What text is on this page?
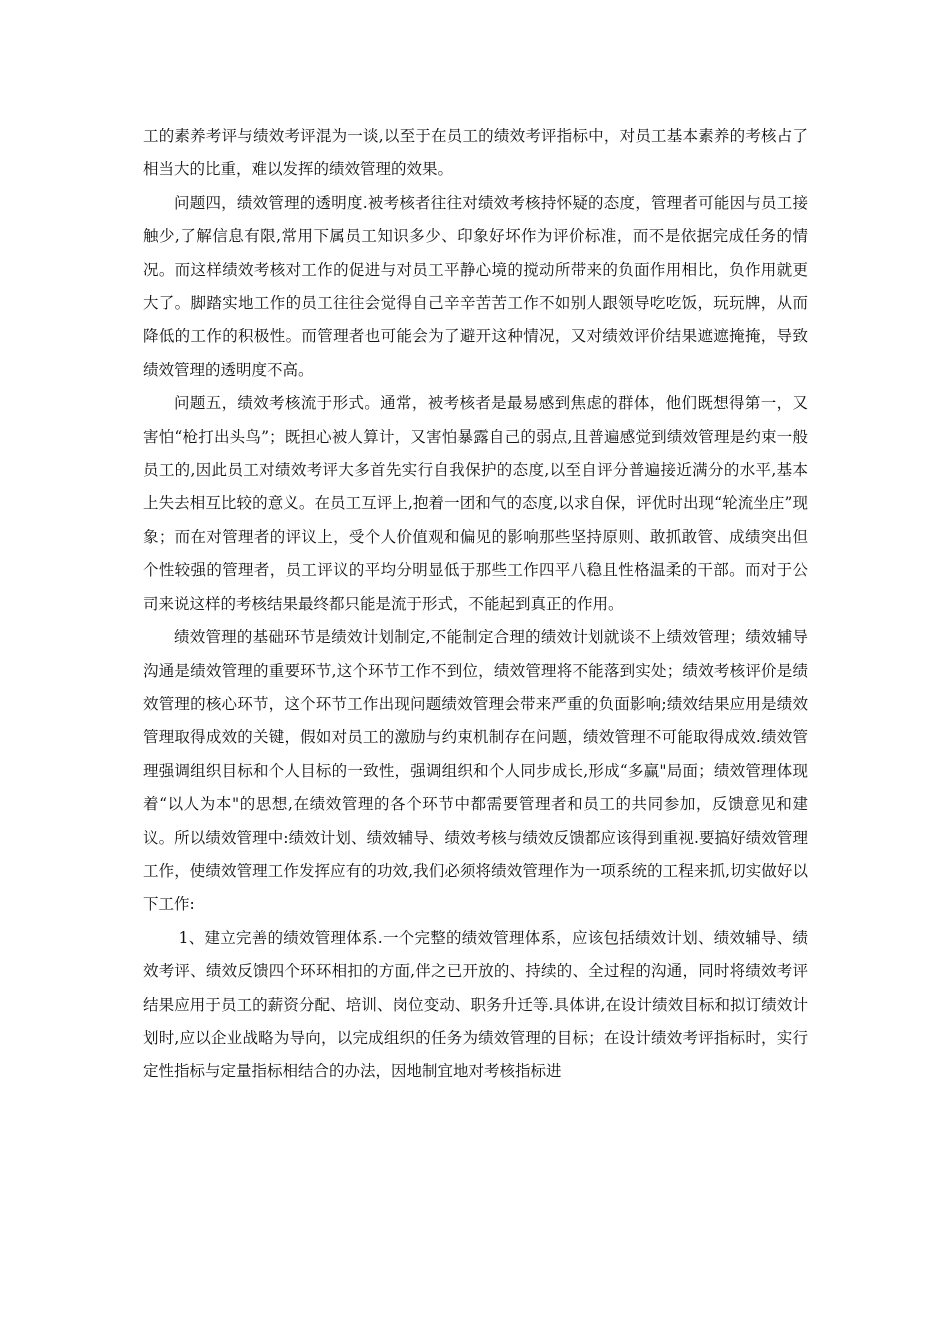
工的素养考评与绩效考评混为一谈,以至于在员工的绩效考评指标中，对员工基本素养的考核占了相当大的比重，难以发挥的绩效管理的效果。

问题四，绩效管理的透明度.被考核者往往对绩效考核持怀疑的态度，管理者可能因与员工接触少,了解信息有限,常用下属员工知识多少、印象好坏作为评价标准，而不是依据完成任务的情况。而这样绩效考核对工作的促进与对员工平静心境的搅动所带来的负面作用相比，负作用就更大了。脚踏实地工作的员工往往会觉得自己辛辛苦苦工作不如别人跟领导吃吃饭，玩玩牌，从而降低的工作的积极性。而管理者也可能会为了避开这种情况，又对绩效评价结果遮遮掩掩，导致绩效管理的透明度不高。

问题五，绩效考核流于形式。通常，被考核者是最易感到焦虑的群体，他们既想得第一，又害怕“枪打出头鸟”；既担心被人算计，又害怕暴露自己的弱点,且普遍感觉到绩效管理是约束一般员工的,因此员工对绩效考评大多首先实行自我保护的态度,以至自评分普遍接近满分的水平,基本上失去相互比较的意义。在员工互评上,抱着一团和气的态度,以求自保，评优时出现“轮流坐庄”现象；而在对管理者的评议上，受个人价值观和偏见的影响那些坚持原则、敢抓敢管、成绩突出但个性较强的管理者，员工评议的平均分明显低于那些工作四平八稳且性格温柔的干部。而对于公司来说这样的考核结果最终都只能是流于形式，不能起到真正的作用。

绩效管理的基础环节是绩效计划制定,不能制定合理的绩效计划就谈不上绩效管理；绩效辅导沟通是绩效管理的重要环节,这个环节工作不到位，绩效管理将不能落到实处；绩效考核评价是绩效管理的核心环节，这个环节工作出现问题绩效管理会带来严重的负面影响;绩效结果应用是绩效管理取得成效的关键，假如对员工的激励与约束机制存在问题，绩效管理不可能取得成效.绩效管理强调组织目标和个人目标的一致性，强调组织和个人同步成长,形成“多赢"局面；绩效管理体现着“以人为本"的思想,在绩效管理的各个环节中都需要管理者和员工的共同参加，反馈意见和建议。所以绩效管理中:绩效计划、绩效辅导、绩效考核与绩效反馈都应该得到重视.要搞好绩效管理工作，使绩效管理工作发挥应有的功效,我们必须将绩效管理作为一项系统的工程来抓,切实做好以下工作:

1、建立完善的绩效管理体系.一个完整的绩效管理体系，应该包括绩效计划、绩效辅导、绩效考评、绩效反馈四个环环相扣的方面,伴之已开放的、持续的、全过程的沟通，同时将绩效考评结果应用于员工的薪资分配、培训、岗位变动、职务升迁等.具体讲,在设计绩效目标和拟订绩效计划时,应以企业战略为导向，以完成组织的任务为绩效管理的目标；在设计绩效考评指标时，实行定性指标与定量指标相结合的办法，因地制宜地对考核指标进
